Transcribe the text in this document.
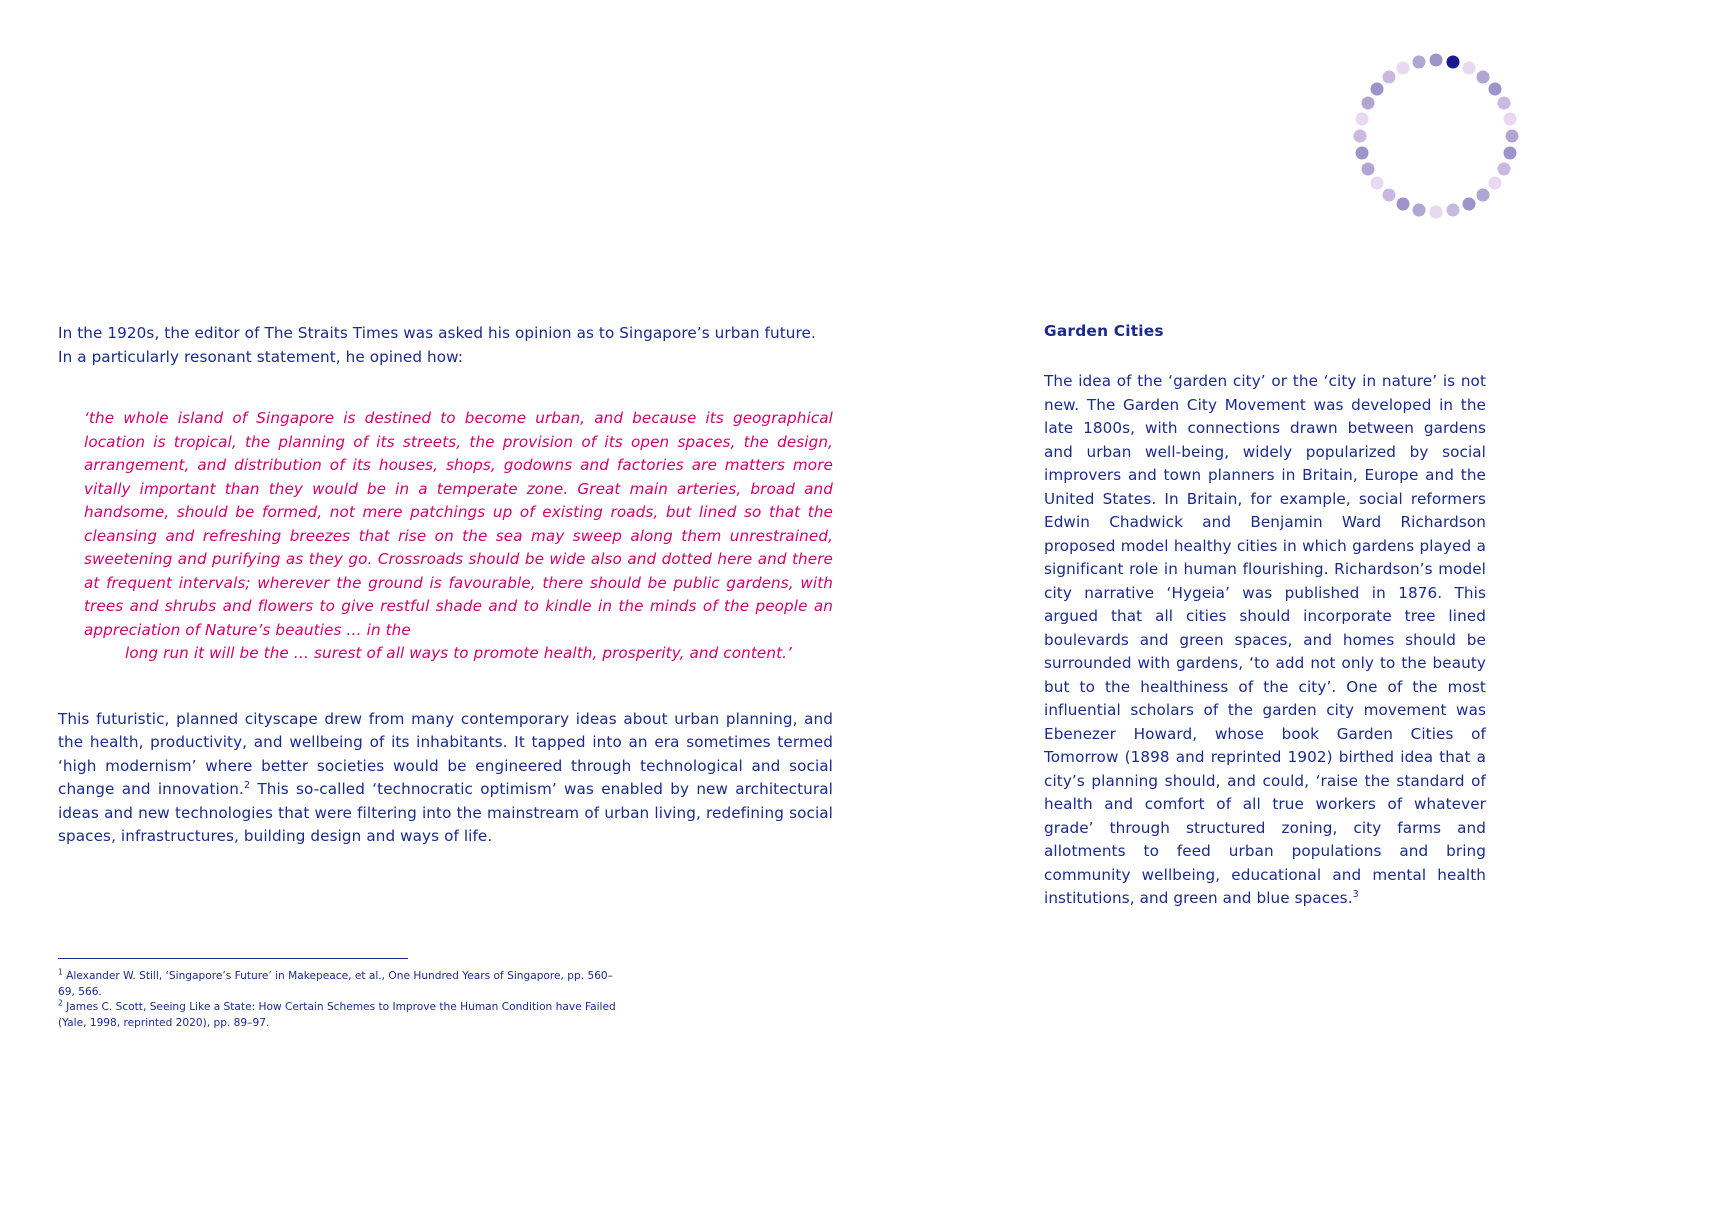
In the 1920s, the editor of The Straits Times was asked his opinion as to Singapore’s urban future. In a particularly resonant statement, he opined how:

‘the whole island of Singapore is destined to become urban, and because its geographical location is tropical, the planning of its streets, the provision of its open spaces, the design, arrangement, and distribution of its houses, shops, godowns and factories are matters more vitally important than they would be in a temperate zone. Great main arteries, broad and handsome, should be formed, not mere patchings up of existing roads, but lined so that the cleansing and refreshing breezes that rise on the sea may sweep along them unrestrained, sweetening and purifying as they go. Crossroads should be wide also and dotted here and there at frequent intervals; wherever the ground is favourable, there should be public gardens, with trees and shrubs and flowers to give restful shade and to kindle in the minds of the people an appreciation of Nature’s beauties … in the
long run it will be the … surest of all ways to promote health, prosperity, and content.’

This futuristic, planned cityscape drew from many contemporary ideas about urban planning, and the health, productivity, and wellbeing of its inhabitants. It tapped into an era sometimes termed ‘high modernism’ where better societies would be engineered through technological and social change and innovation.$^2$ This so-called ‘technocratic optimism’ was enabled by new architectural ideas and new technologies that were filtering into the mainstream of urban living, redefining social spaces, infrastructures, building design and ways of life.

Garden Cities

The idea of the ‘garden city’ or the ‘city in nature’ is not new. The Garden City Movement was developed in the late 1800s, with connections drawn between gardens and urban well-being, widely popularized by social improvers and town planners in Britain, Europe and the United States. In Britain, for example, social reformers Edwin Chadwick and Benjamin Ward Richardson proposed model healthy cities in which gardens played a significant role in human flourishing. Richardson’s model city narrative ‘Hygeia’ was published in 1876. This argued that all cities should incorporate tree lined boulevards and green spaces, and homes should be surrounded with gardens, ‘to add not only to the beauty but to the healthiness of the city’. One of the most influential scholars of the garden city movement was Ebenezer Howard, whose book Garden Cities of Tomorrow (1898 and reprinted 1902) birthed idea that a city’s planning should, and could, ‘raise the standard of health and comfort of all true workers of whatever grade’ through structured zoning, city farms and allotments to feed urban populations and bring community wellbeing, educational and mental health institutions, and green and blue spaces.$^3$

$^1$ Alexander W. Still, ‘Singapore’s Future’ in Makepeace, et al., One Hundred Years of Singapore, pp. 560–69, 566.

$^2$ James C. Scott, Seeing Like a State: How Certain Schemes to Improve the Human Condition have Failed (Yale, 1998, reprinted 2020), pp. 89–97.
